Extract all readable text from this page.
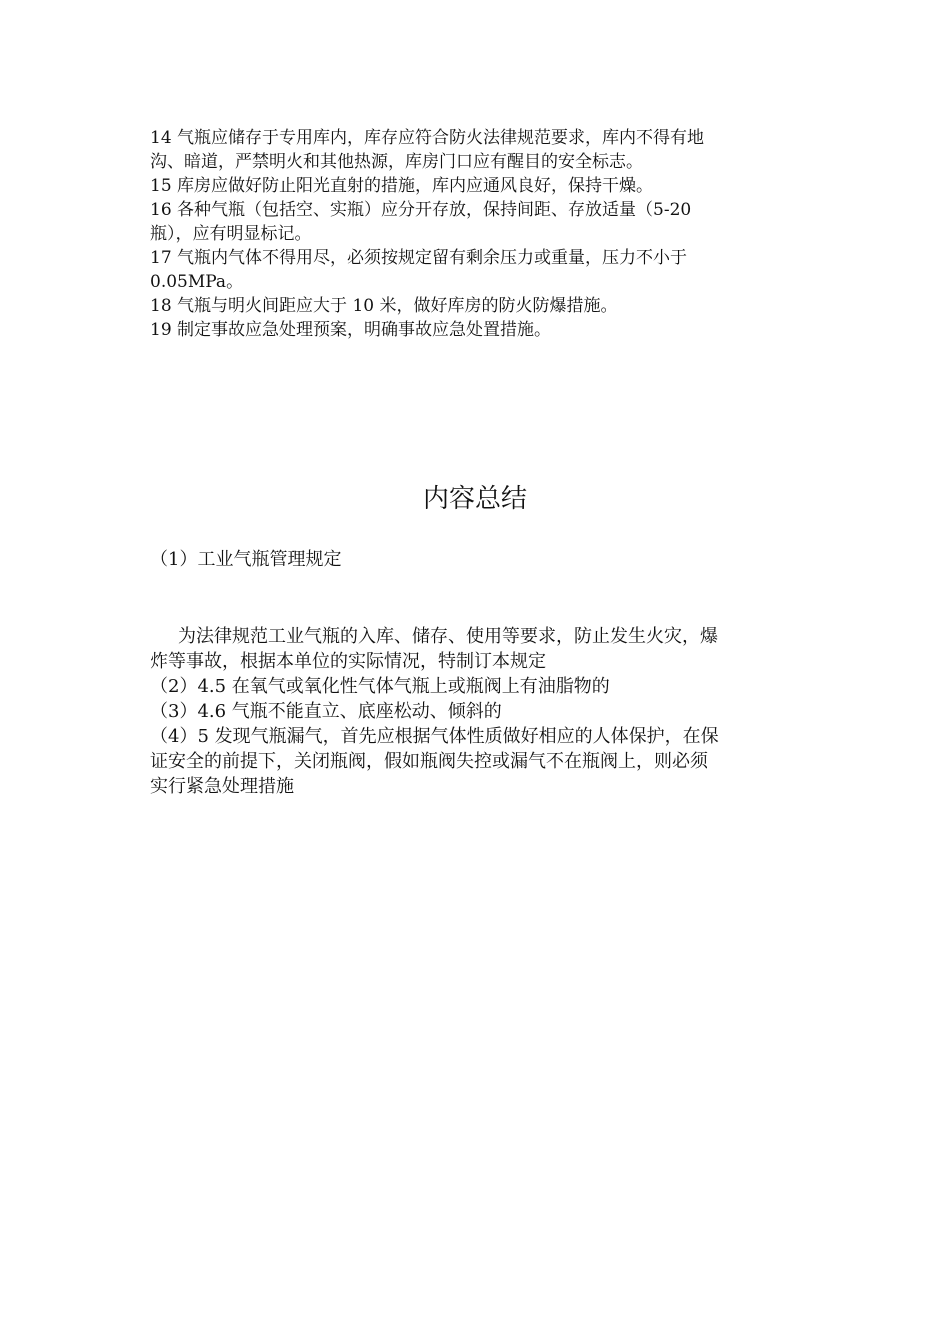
14 气瓶应储存于专用库内，库存应符合防火法律规范要求，库内不得有地
沟、暗道，严禁明火和其他热源，库房门口应有醒目的安全标志。

15 库房应做好防止阳光直射的措施，库内应通风良好，保持干燥。

16 各种气瓶（包括空、实瓶）应分开存放，保持间距、存放适量（5-20
瓶），应有明显标记。

17 气瓶内气体不得用尽，必须按规定留有剩余压力或重量，压力不小于
0.05MPa。

18 气瓶与明火间距应大于 10 米，做好库房的防火防爆措施。

19 制定事故应急处理预案，明确事故应急处置措施。

内容总结

（1）工业气瓶管理规定

为法律规范工业气瓶的入库、储存、使用等要求，防止发生火灾，爆
炸等事故，根据本单位的实际情况，特制订本规定

（2）4.5 在氧气或氧化性气体气瓶上或瓶阀上有油脂物的

（3）4.6 气瓶不能直立、底座松动、倾斜的

（4）5 发现气瓶漏气，首先应根据气体性质做好相应的人体保护，在保
证安全的前提下，关闭瓶阀，假如瓶阀失控或漏气不在瓶阀上，则必须
实行紧急处理措施
